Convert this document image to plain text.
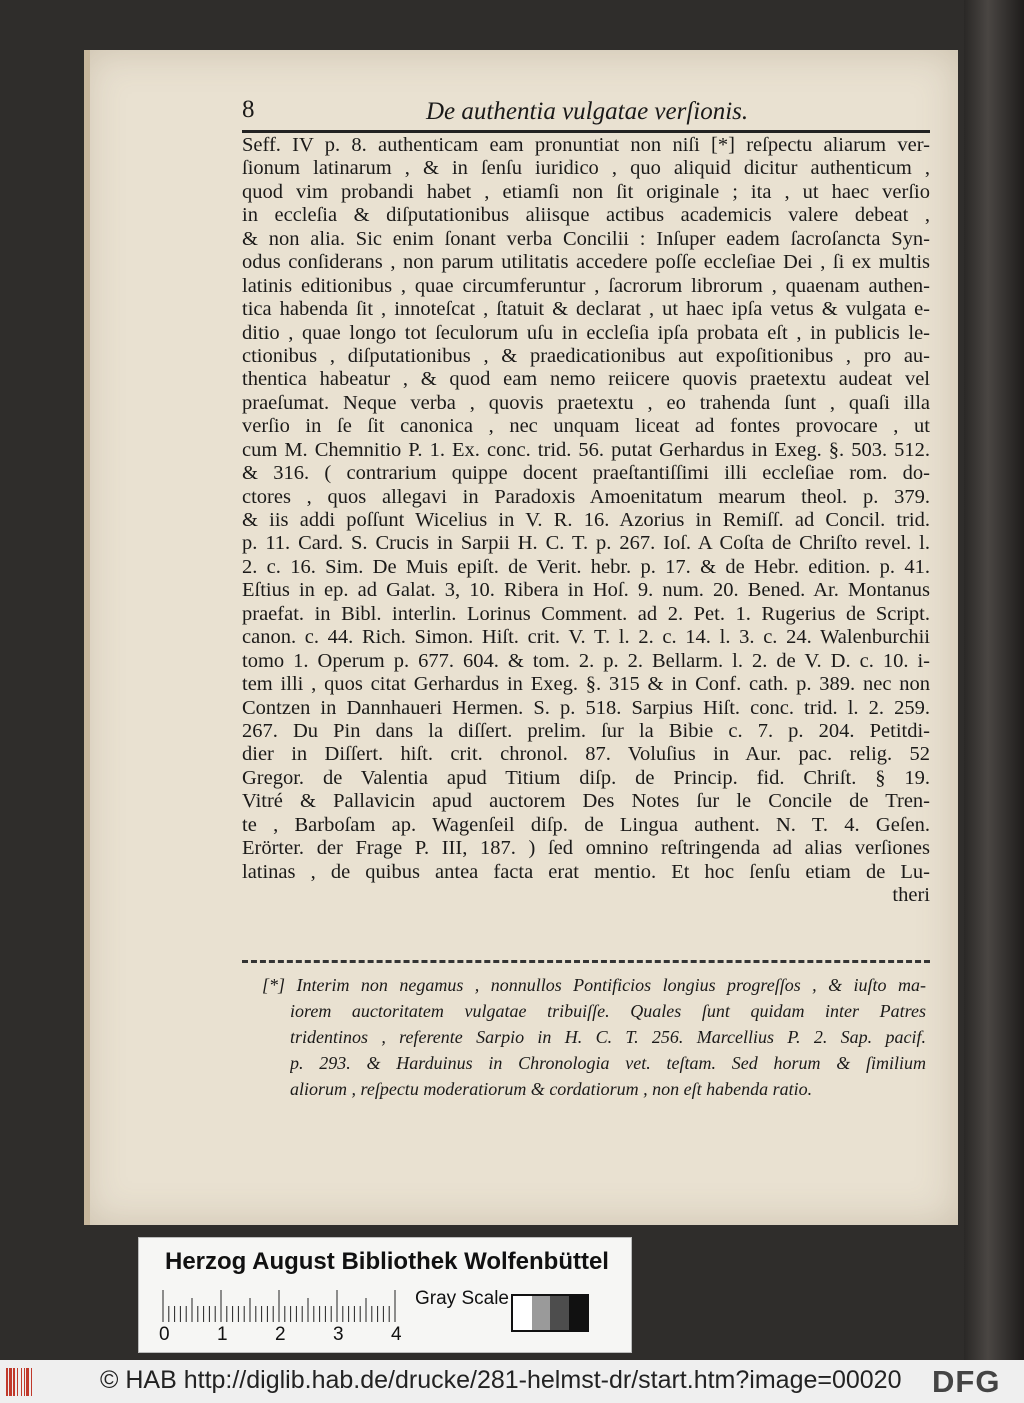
8	De authentia vulgatae verſionis.
Seff. IV p. 8. authenticam eam pronuntiat non niſi [*] reſpectu aliarum ver-
ſionum latinarum , & in ſenſu iuridico , quo aliquid dicitur authenticum ,
quod vim probandi habet , etiamſi non ſit originale ; ita , ut haec verſio
in eccleſia & diſputationibus aliisque actibus academicis valere debeat ,
& non alia. Sic enim ſonant verba Concilii : Inſuper eadem ſacroſancta Syn-
odus conſiderans , non parum utilitatis accedere poſſe eccleſiae Dei , ſi ex multis
latinis editionibus , quae circumferuntur , ſacrorum librorum , quaenam authen-
tica habenda ſit , innoteſcat , ſtatuit & declarat , ut haec ipſa vetus & vulgata e-
ditio , quae longo tot ſeculorum uſu in eccleſia ipſa probata eſt , in publicis le-
ctionibus , diſputationibus , & praedicationibus aut expoſitionibus , pro au-
thentica habeatur , & quod eam nemo reiicere quovis praetextu audeat vel
praeſumat. Neque verba , quovis praetextu , eo trahenda ſunt , quaſi illa
verſio in ſe ſit canonica , nec unquam liceat ad fontes provocare , ut
cum M. Chemnitio P. 1. Ex. conc. trid. 56. putat Gerhardus in Exeg. §. 503. 512.
& 316. ( contrarium quippe docent praeſtantiſſimi illi eccleſiae rom. do-
ctores , quos allegavi in Paradoxis Amoenitatum mearum theol. p. 379.
& iis addi poſſunt Wicelius in V. R. 16. Azorius in Remiſſ. ad Concil. trid.
p. 11. Card. S. Crucis in Sarpii H. C. T. p. 267. Ioſ. A Coſta de Chriſto revel. l.
2. c. 16. Sim. De Muis epiſt. de Verit. hebr. p. 17. & de Hebr. edition. p. 41.
Eſtius in ep. ad Galat. 3, 10. Ribera in Hoſ. 9. num. 20. Bened. Ar. Montanus
praefat. in Bibl. interlin. Lorinus Comment. ad 2. Pet. 1. Rugerius de Script.
canon. c. 44. Rich. Simon. Hiſt. crit. V. T. l. 2. c. 14. l. 3. c. 24. Walenburchii
tomo 1. Operum p. 677. 604. & tom. 2. p. 2. Bellarm. l. 2. de V. D. c. 10. i-
tem illi , quos citat Gerhardus in Exeg. §. 315 & in Conf. cath. p. 389. nec non
Contzen in Dannhaueri Hermen. S. p. 518. Sarpius Hiſt. conc. trid. l. 2. 259.
267. Du Pin dans la diſſert. prelim. ſur la Bibie c. 7. p. 204. Petitdi-
dier in Diſſert. hiſt. crit. chronol. 87. Voluſius in Aur. pac. relig. 52
Gregor. de Valentia apud Titium diſp. de Princip. fid. Chriſt. § 19.
Vitré & Pallavicin apud auctorem Des Notes ſur le Concile de Tren-
te , Barboſam ap. Wagenſeil diſp. de Lingua authent. N. T. 4. Geſen.
Erörter. der Frage P. III, 187. ) ſed omnino reſtringenda ad alias verſiones
latinas , de quibus antea facta erat mentio. Et hoc ſenſu etiam de Lu-
theri
[*] Interim non negamus , nonnullos Pontificios longius progreſſos , & iuſto ma-
iorem auctoritatem vulgatae tribuiſſe. Quales ſunt quidam inter Patres
tridentinos , referente Sarpio in H. C. T. 256. Marcellius P. 2. Sap. pacif.
p. 293. & Harduinus in Chronologia vet. teſtam. Sed horum & ſimilium
aliorum , reſpectu moderatiorum & cordatiorum , non eſt habenda ratio.
Herzog August Bibliothek Wolfenbüttel
0 1 2 3 4
Gray Scale
© HAB http://diglib.hab.de/drucke/281-helmst-dr/start.htm?image=00020 DFG
